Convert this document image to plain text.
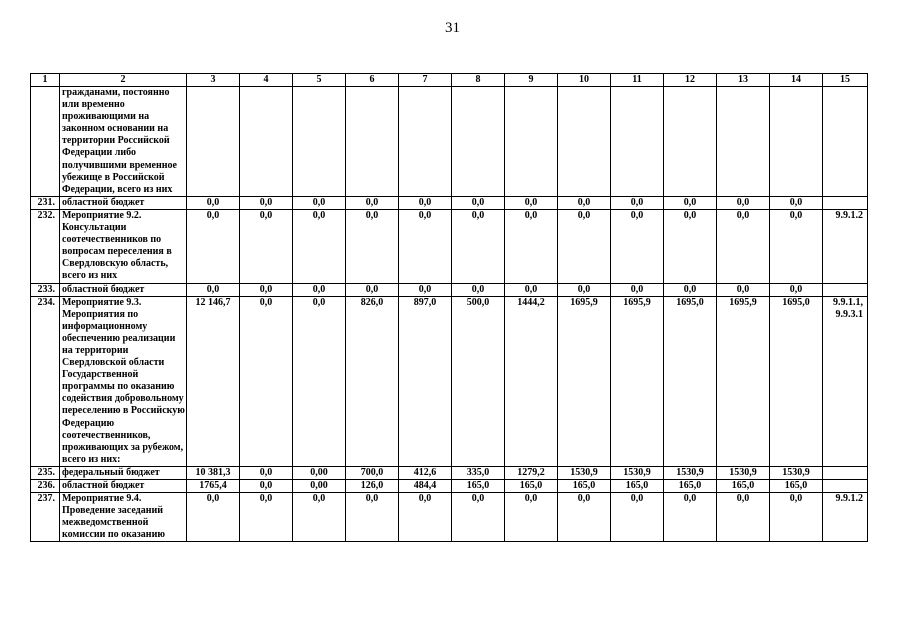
31
1	2	3	4	5	6	7	8	9	10	11	12	13	14	15
	гражданами, постоянно или временно проживающими на законном основании на территории Российской Федерации либо получившими временное убежище в Российской Федерации, всего из них													
231.	областной бюджет	0,0	0,0	0,0	0,0	0,0	0,0	0,0	0,0	0,0	0,0	0,0	0,0	
232.	Мероприятие 9.2. Консультации соотечественников по вопросам переселения в Свердловскую область, всего из них	0,0	0,0	0,0	0,0	0,0	0,0	0,0	0,0	0,0	0,0	0,0	0,0	9.9.1.2
233.	областной бюджет	0,0	0,0	0,0	0,0	0,0	0,0	0,0	0,0	0,0	0,0	0,0	0,0	
234.	Мероприятие 9.3. Мероприятия по информационному обеспечению реализации на территории Свердловской области Государственной программы по оказанию содействия добровольному переселению в Российскую Федерацию соотечественников, проживающих за рубежом, всего из них:	12 146,7	0,0	0,0	826,0	897,0	500,0	1444,2	1695,9	1695,9	1695,0	1695,9	1695,0	9.9.1.1, 9.9.3.1
235.	федеральный бюджет	10 381,3	0,0	0,00	700,0	412,6	335,0	1279,2	1530,9	1530,9	1530,9	1530,9	1530,9	
236.	областной бюджет	1765,4	0,0	0,00	126,0	484,4	165,0	165,0	165,0	165,0	165,0	165,0	165,0	
237.	Мероприятие 9.4. Проведение заседаний межведомственной комиссии по оказанию	0,0	0,0	0,0	0,0	0,0	0,0	0,0	0,0	0,0	0,0	0,0	0,0	9.9.1.2
